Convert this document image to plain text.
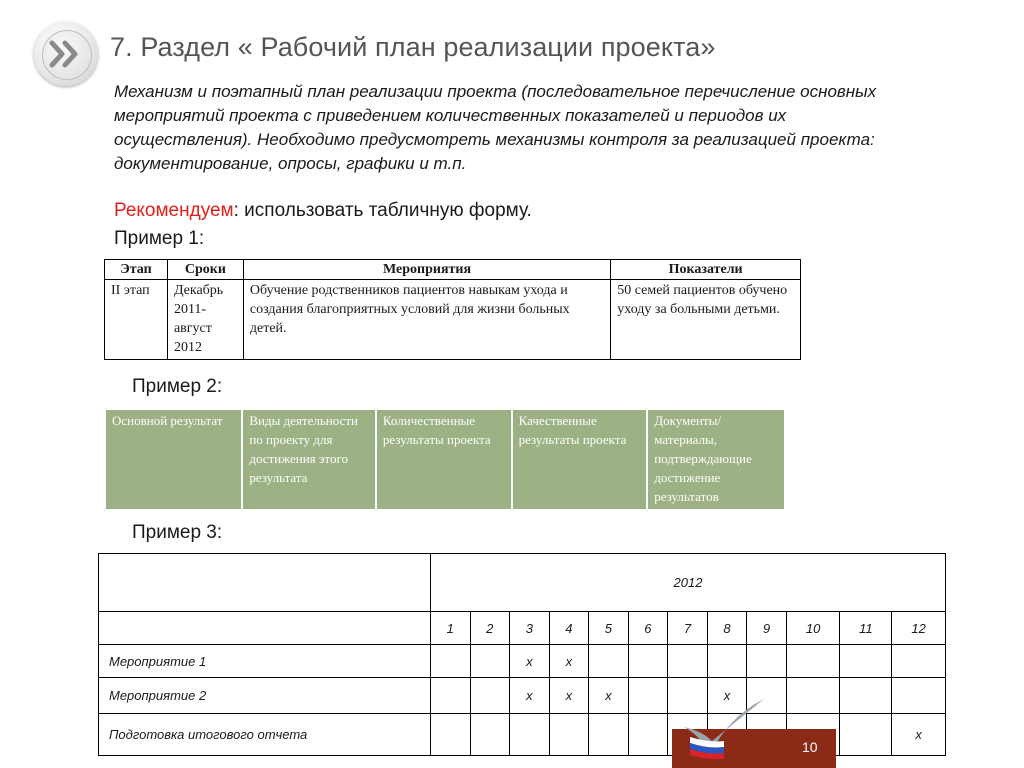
7. Раздел « Рабочий план реализации проекта»
Механизм и поэтапный план реализации проекта (последовательное перечисление основных мероприятий проекта с приведением количественных показателей и периодов их осуществления). Необходимо предусмотреть механизмы контроля за реализацией проекта: документирование, опросы, графики и т.п.
Рекомендуем: использовать табличную форму.
Пример 1:
Этап	Сроки	Мероприятия	Показатели
II этап	Декабрь 2011-август 2012	Обучение родственников пациентов навыкам ухода и создания благоприятных условий для жизни больных детей.	50 семей пациентов обучено уходу за больными детьми.
Пример 2:
Основной результат	Виды деятельности по проекту для достижения этого результата	Количественные результаты проекта	Качественные результаты проекта	Документы/материалы, подтверждающие достижение результатов
Пример 3:
	2012											
	1	2	3	4	5	6	7	8	9	10	11	12
Мероприятие 1			x	x								
Мероприятие 2			x	x	x			x				
Подготовка итогового отчета												x
10
